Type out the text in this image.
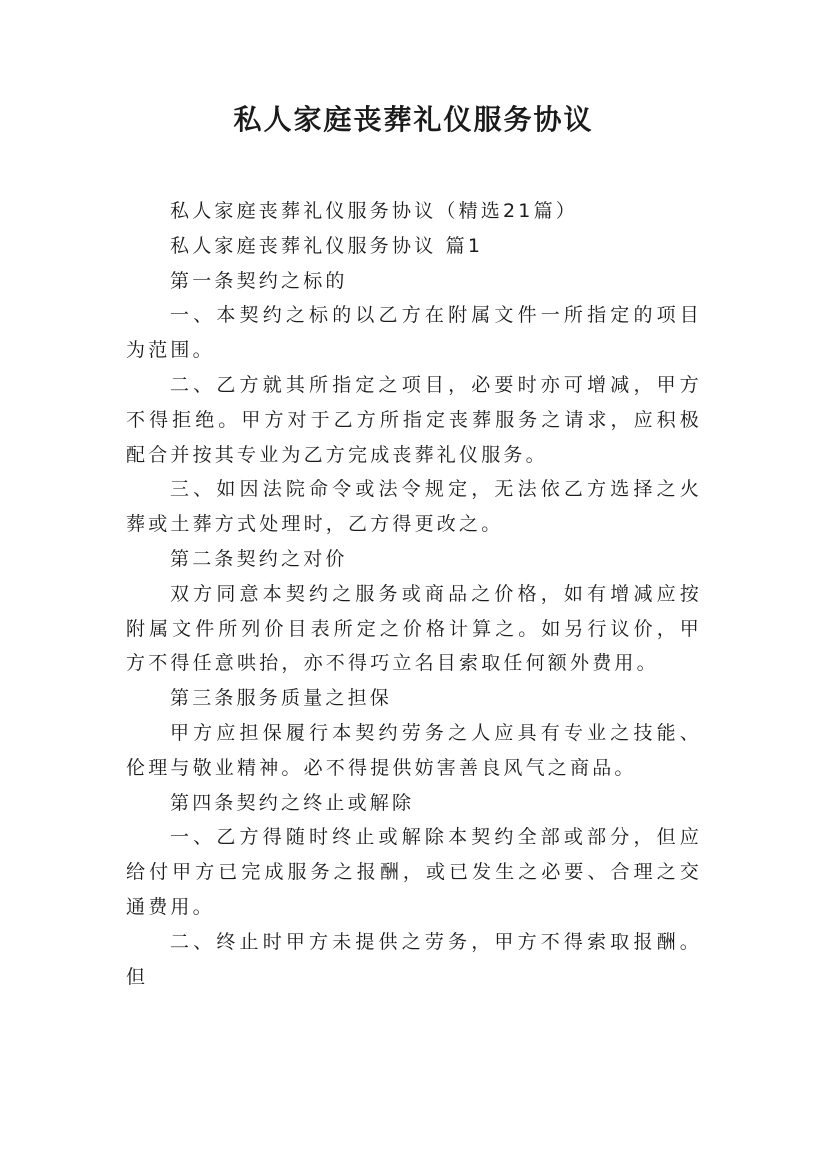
私人家庭丧葬礼仪服务协议

私人家庭丧葬礼仪服务协议（精选21篇）

私人家庭丧葬礼仪服务协议 篇1

第一条契约之标的

一、本契约之标的以乙方在附属文件一所指定的项目为范围。

二、乙方就其所指定之项目，必要时亦可增减，甲方不得拒绝。甲方对于乙方所指定丧葬服务之请求，应积极配合并按其专业为乙方完成丧葬礼仪服务。

三、如因法院命令或法令规定，无法依乙方选择之火葬或土葬方式处理时，乙方得更改之。

第二条契约之对价

双方同意本契约之服务或商品之价格，如有增减应按附属文件所列价目表所定之价格计算之。如另行议价，甲方不得任意哄抬，亦不得巧立名目索取任何额外费用。

第三条服务质量之担保

甲方应担保履行本契约劳务之人应具有专业之技能、伦理与敬业精神。必不得提供妨害善良风气之商品。

第四条契约之终止或解除

一、乙方得随时终止或解除本契约全部或部分，但应给付甲方已完成服务之报酬，或已发生之必要、合理之交通费用。

二、终止时甲方未提供之劳务，甲方不得索取报酬。但
